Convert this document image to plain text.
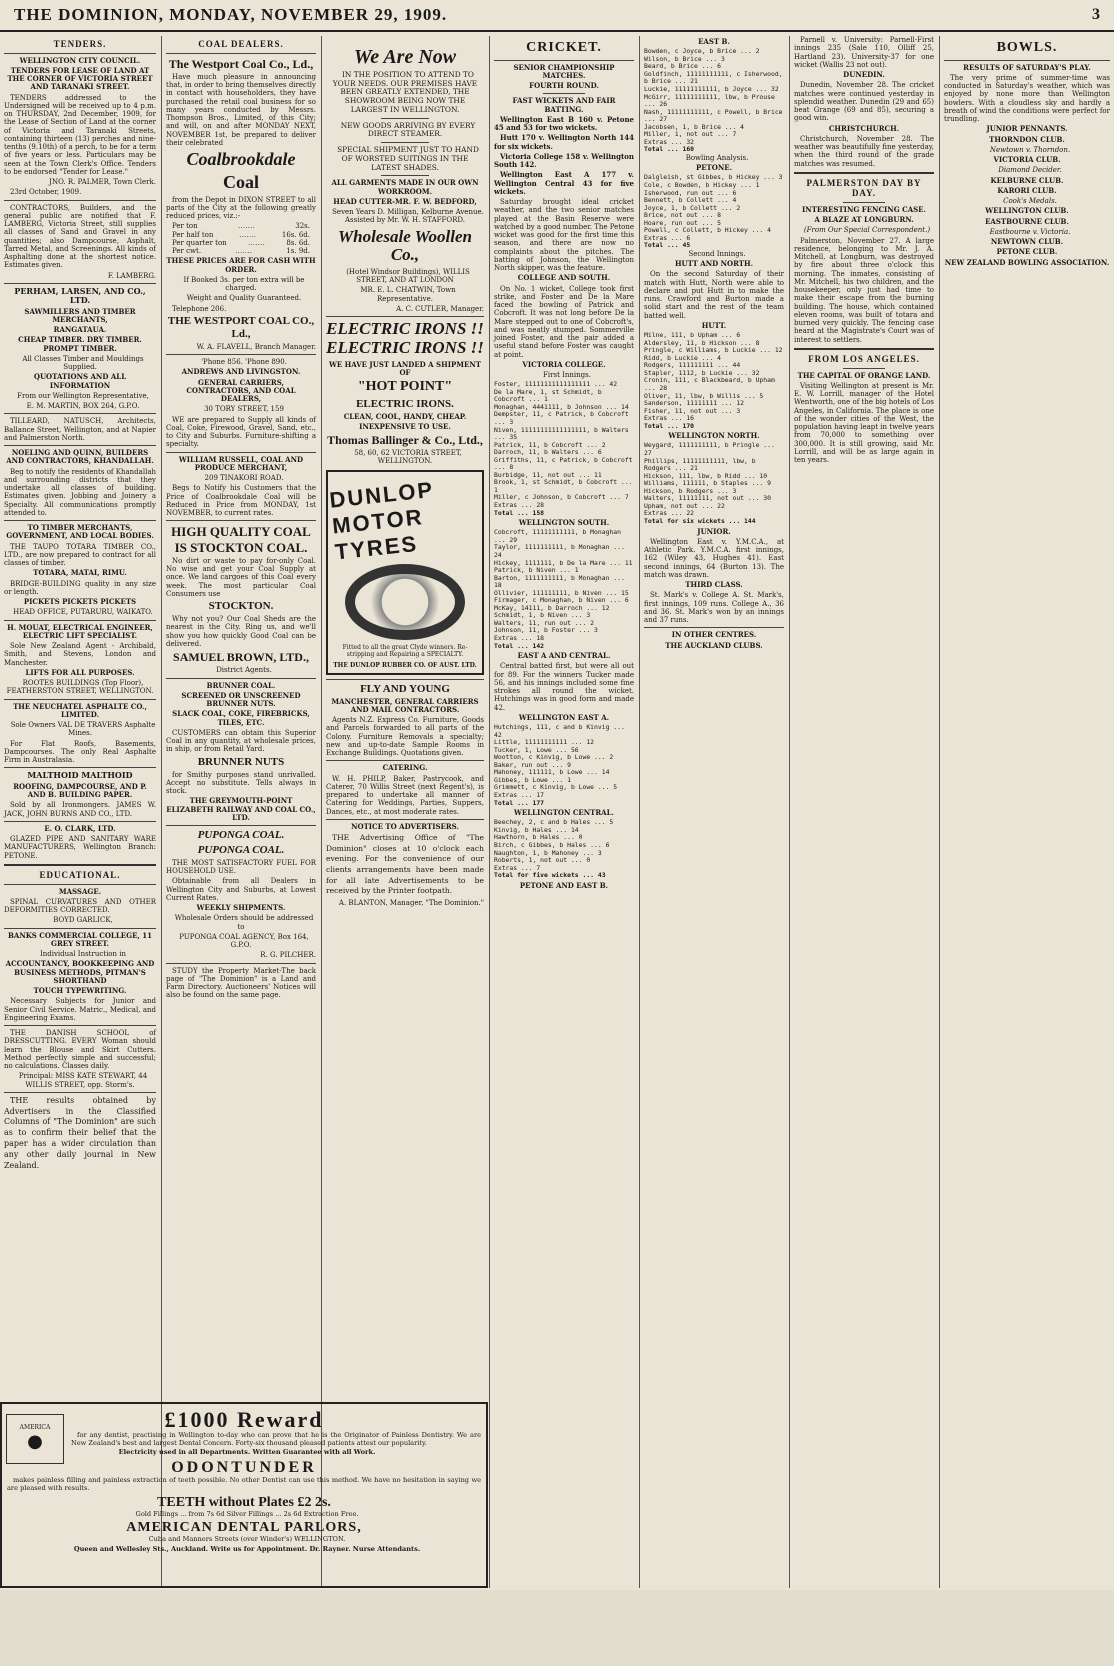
THE DOMINION, MONDAY, NOVEMBER 29, 1909.	3
TENDERS.
WELLINGTON CITY COUNCIL.
TENDERS FOR LEASE OF LAND AT THE CORNER OF VICTORIA STREET AND TARANAKI STREET.

TENDERS addressed to the Undersigned will be received up to 4 p.m. on THURSDAY, 2nd December, 1909, for the Lease of Section of Land at the corner of Victoria and Taranaki Streets, containing thirteen (13) perches and nine-tenths (9.10th) of a perch, to be for a term of five years or less. Particulars may be seen at the Town Clerk's Office. Tenders to be endorsed "Tender for Lease."

JNO. R. PALMER, Town Clerk.

23rd October, 1909.

CONTRACTORS, Builders, and the general public are notified that F. LAMBERG, Victoria Street, still supplies all classes of Sand and Gravel in any quantities; also Dampcourse, Asphalt, Tarred Metal, and Screenings. All kinds of Asphalting done at the shortest notice. Estimates given.

F. LAMBERG.

PERHAM, LARSEN, AND CO., LTD.
SAWMILLERS AND TIMBER MERCHANTS,
RANGATAUA.
CHEAP TIMBER. DRY TIMBER. PROMPT TIMBER.

All Classes Timber and Mouldings Supplied.

QUOTATIONS AND ALL INFORMATION

From our Wellington Representative,

E. M. MARTIN, BOX 264, G.P.O.

TILLEARD, NATUSCH, Architects, Ballance Street, Wellington, and at Napier and Palmerston North.

NOELING AND QUINN, BUILDERS AND CONTRACTORS, KHANDALLAH.

Beg to notify the residents of Khandallah and surrounding districts that they undertake all classes of building. Estimates given. Jobbing and Joinery a Specialty. All communications promptly attended to.

TO TIMBER MERCHANTS, GOVERNMENT, AND LOCAL BODIES.

THE TAUPO TOTARA TIMBER CO., LTD., are now prepared to contract for all classes of timber.

TOTARA, MATAI, RIMU.

BRIDGE-BUILDING quality in any size or length.

PICKETS PICKETS PICKETS

HEAD OFFICE, PUTARURU, WAIKATO.

H. MOUAT, ELECTRICAL ENGINEER, ELECTRIC LIFT SPECIALIST.

Sole New Zealand Agent - Archibald, Smith, and Stevens, London and Manchester.

LIFTS FOR ALL PURPOSES.

ROOTES BUILDINGS (Top Floor), FEATHERSTON STREET, WELLINGTON.

THE NEUCHATEL ASPHALTE CO., LIMITED.

Sole Owners VAL DE TRAVERS Asphalte Mines.

For Flat Roofs, Basements, Dampcourses. The only Real Asphalte Firm in Australasia.

MALTHOID MALTHOID
ROOFING, DAMPCOURSE, AND P. AND B. BUILDING PAPER.

Sold by all Ironmongers. JAMES W. JACK, JOHN BURNS AND CO., LTD.

E. O. CLARK, LTD.

GLAZED PIPE AND SANITARY WARE MANUFACTURERS, Wellington Branch: PETONE.

EDUCATIONAL.
MASSAGE.

SPINAL CURVATURES AND OTHER DEFORMITIES CORRECTED.

BOYD GARLICK,

BANKS COMMERCIAL COLLEGE, 11 GREY STREET.

Individual Instruction in

ACCOUNTANCY, BOOKKEEPING AND BUSINESS METHODS, PITMAN'S SHORTHAND
TOUCH TYPEWRITING.

Necessary Subjects for Junior and Senior Civil Service. Matric., Medical, and Engineering Exams.

THE DANISH SCHOOL of DRESSCUTTING. EVERY Woman should learn the Blouse and Skirt Cutters. Method perfectly simple and successful; no calculations. Classes daily.

Principal: MISS KATE STEWART, 44 WILLIS STREET, opp. Storm's.

THE results obtained by Advertisers in the Classified Columns of "The Dominion" are such as to confirm their belief that the paper has a wider circulation than any other daily journal in New Zealand.

COAL DEALERS.
The Westport Coal Co., Ld.,

Have much pleasure in announcing that, in order to bring themselves directly in contact with householders, they have purchased the retail coal business for so many years conducted by Messrs. Thompson Bros., Limited, of this City; and will, on and after MONDAY NEXT, NOVEMBER 1st, be prepared to deliver their celebrated

Coalbrookdale
Coal

from the Depot in DIXON STREET to all parts of the City at the following greatly reduced prices, viz.:-

Per ton	.......	32s.
Per half ton	.......	16s. 6d.
Per quarter ton	.......	8s. 6d.
Per cwt.	.......	1s. 9d.
THESE PRICES ARE FOR CASH WITH ORDER.

If Booked 3s. per ton extra will be charged.

Weight and Quality Guaranteed.

Telephone 206.

THE WESTPORT COAL CO., Ld.,

W. A. FLAVELL, Branch Manager.

'Phone 856. 'Phone 890.

ANDREWS AND LIVINGSTON.
GENERAL CARRIERS, CONTRACTORS, AND COAL DEALERS,

30 TORY STREET, 159

WE are prepared to Supply all kinds of Coal, Coke, Firewood, Gravel, Sand, etc., to City and Suburbs. Furniture-shifting a specialty.

WILLIAM RUSSELL, COAL AND PRODUCE MERCHANT,

209 TINAKORI ROAD.

Begs to Notify his Customers that the Price of Coalbrookdale Coal will be Reduced in Price from MONDAY, 1st NOVEMBER, to current rates.

HIGH QUALITY COAL IS STOCKTON COAL.

No dirt or waste to pay for-only Coal. No wise and get your Coal Supply at once. We land cargoes of this Coal every week. The most particular Coal Consumers use

STOCKTON.

Why not you? Our Coal Sheds are the nearest in the City. Ring us, and we'll show you how quickly Good Coal can be delivered.

SAMUEL BROWN, LTD.,

District Agents.

BRUNNER COAL.
SCREENED OR UNSCREENED BRUNNER NUTS.
SLACK COAL, COKE, FIREBRICKS, TILES, ETC.

CUSTOMERS can obtain this Superior Coal in any quantity, at wholesale prices, in ship, or from Retail Yard.

BRUNNER NUTS

for Smithy purposes stand unrivalled. Accept no substitute. Tells always in stock.

THE GREYMOUTH-POINT ELIZABETH RAILWAY AND COAL CO., LTD.
PUPONGA COAL.
PUPONGA COAL.

THE MOST SATISFACTORY FUEL FOR HOUSEHOLD USE.

Obtainable from all Dealers in Wellington City and Suburbs, at Lowest Current Rates.

WEEKLY SHIPMENTS.

Wholesale Orders should be addressed to

PUPONGA COAL AGENCY, Box 164, G.P.O.

R. G. PILCHER.

STUDY the Property Market-The back page of "The Dominion" is a Land and Farm Directory. Auctioneers' Notices will also be found on the same page.

We Are Now

IN THE POSITION TO ATTEND TO YOUR NEEDS. OUR PREMISES HAVE BEEN GREATLY EXTENDED, THE SHOWROOM BEING NOW THE LARGEST IN WELLINGTON.

NEW GOODS ARRIVING BY EVERY DIRECT STEAMER.

SPECIAL SHIPMENT JUST TO HAND OF WORSTED SUITINGS IN THE LATEST SHADES.

ALL GARMENTS MADE IN OUR OWN WORKROOM.
HEAD CUTTER-MR. F. W. BEDFORD,

Seven Years D. Milligan, Kelburne Avenue. Assisted by Mr. W. H. STAFFORD.

Wholesale Woollen Co.,

(Hotel Windsor Buildings), WILLIS STREET, AND AT LONDON

MR. E. L. CHATWIN, Town Representative.

A. C. CUTLER, Manager.

ELECTRIC IRONS !! ELECTRIC IRONS !!
WE HAVE JUST LANDED A SHIPMENT OF
"HOT POINT"
ELECTRIC IRONS.
CLEAN, COOL, HANDY, CHEAP.
INEXPENSIVE TO USE.
Thomas Ballinger & Co., Ltd.,

58, 60, 62 VICTORIA STREET, WELLINGTON.

DUNLOP MOTOR TYRES
Fitted to all the great Clyde winners. Re-stripping and Repairing a SPECIALTY.
THE DUNLOP RUBBER CO. OF AUST. LTD.
FLY AND YOUNG
MANCHESTER, GENERAL CARRIERS AND MAIL CONTRACTORS.

Agents N.Z. Express Co. Furniture, Goods and Parcels forwarded to all parts of the Colony. Furniture Removals a specialty; new and up-to-date Sample Rooms in Exchange Buildings. Quotations given.

CATERING.

W. H. PHILP, Baker, Pastrycook, and Caterer, 70 Willis Street (next Regent's), is prepared to undertake all manner of Catering for Weddings, Parties, Suppers, Dances, etc., at most moderate rates.

NOTICE TO ADVERTISERS.

THE Advertising Office of "The Dominion" closes at 10 o'clock each evening. For the convenience of our clients arrangements have been made for all late Advertisements to be received by the Printer footpath.

A. BLANTON, Manager, "The Dominion."

AMERICA
●
£1000 Reward

for any dentist, practising in Wellington to-day who can prove that he is the Originator of Painless Dentistry. We are New Zealand's best and largest Dental Concern. Forty-six thousand pleased patients attest our popularity.

Electricity used in all Departments. Written Guarantee with all Work.

ODONTUNDER

makes painless filling and painless extraction of teeth possible. No other Dentist can use this method. We have no hesitation in saying we are pleased with results.

TEETH without Plates £2 2s.

Gold Fillings ... from 7s 6d Silver Fillings ... 2s 6d Extraction Free.

AMERICAN DENTAL PARLORS,

Cuba and Manners Streets (over Winder's) WELLINGTON.

Queen and Wellesley Sts., Auckland. Write us for Appointment. Dr. Rayner. Nurse Attendants.

CRICKET.
SENIOR CHAMPIONSHIP MATCHES.
FOURTH ROUND.
FAST WICKETS AND FAIR BATTING.

Wellington East B 160 v. Petone 45 and 53 for two wickets.

Hutt 170 v. Wellington North 144 for six wickets.

Victoria College 158 v. Wellington South 142.

Wellington East A 177 v. Wellington Central 43 for five wickets.

Saturday brought ideal cricket weather, and the two senior matches played at the Basin Reserve were watched by a good number. The Petone wicket was good for the first time this season, and there are now no complaints about the pitches. The batting of Johnson, the Wellington North skipper, was the feature.

COLLEGE AND SOUTH.

On No. 1 wicket, College took first strike, and Foster and De la Mare faced the bowling of Patrick and Cobcroft. It was not long before De la Mare stepped out to one of Cobcroft's, and was neatly stumped. Sommerville joined Foster, and the pair added a useful stand before Foster was caught at point.

VICTORIA COLLEGE.

First Innings.

Foster, 11111111111111111 ... 42
De la Mare, 1, st Schmidt, b Cobcroft ... 1
Monaghan, 4441111, b Johnson ... 14
Dempster, 11, c Patrick, b Cobcroft ... 3
Niven, 11111111111111111, b Walters ... 35
Patrick, 11, b Cobcroft ... 2
Darroch, 11, b Walters ... 6
Griffiths, 11, c Patrick, b Cobcroft ... 8
Burbidge, 11, not out ... 11
Brook, 1, st Schmidt, b Cobcroft ... 1
Miller, c Johnson, b Cobcroft ... 7
Extras ... 28
Total ... 158
WELLINGTON SOUTH.
Cobcroft, 11111111111, b Monaghan ... 29
Taylor, 1111111111, b Monaghan ... 24
Hickey, 1111111, b De la Mare ... 11
Patrick, b Niven ... 1
Barton, 1111111111, b Monaghan ... 18
Ollivier, 111111111, b Niven ... 15
Firmager, c Monaghan, b Niven ... 6
McKay, 14111, b Darroch ... 12
Schmidt, 1, b Niven ... 3
Walters, 11, run out ... 2
Johnson, 11, b Foster ... 3
Extras ... 18
Total ... 142
EAST A AND CENTRAL.

Central batted first, but were all out for 89. For the winners Tucker made 56, and his innings included some fine strokes all round the wicket. Hutchings was in good form and made 42.

WELLINGTON EAST A.
Hutchings, 111, c and b Kinvig ... 42
Little, 11111111111 ... 12
Tucker, 1, Lowe ... 56
Wootton, c Kinvig, b Lowe ... 2
Baker, run out ... 9
Mahoney, 111111, b Lowe ... 14
Gibbes, b Lowe ... 1
Grimmett, c Kinvig, b Lowe ... 5
Extras ... 17
Total ... 177
WELLINGTON CENTRAL.
Beechey, 2, c and b Hales ... 5
Kinvig, b Hales ... 14
Hawthorn, b Hales ... 0
Birch, c Gibbes, b Hales ... 6
Naughton, 1, b Mahoney ... 3
Roberts, 1, not out ... 0
Extras ... 7
Total for five wickets ... 43
PETONE AND EAST B.
EAST B.
Bowden, c Joyce, b Brice ... 2
Wilson, b Brice ... 3
Beard, b Brice ... 6
Goldfinch, 11111111111, c Isherwood, b Brice ... 21
Luckie, 11111111111, b Joyce ... 32
McGirr, 11111111111, lbw, b Prouse ... 26
Nash, 11111111111, c Powell, b Brice ... 27
Jacobsen, 1, b Brice ... 4
Miller, 1, not out ... 7
Extras ... 32
Total ... 160

Bowling Analysis.

PETONE.
Dalgleish, st Gibbes, b Hickey ... 3
Cole, c Bowden, b Hickey ... 1
Isherwood, run out ... 6
Bennett, b Collett ... 4
Joyce, 1, b Collett ... 2
Brice, not out ... 8
Hoare, run out ... 5
Powell, c Collett, b Hickey ... 4
Extras ... 6
Total ... 45

Second Innings.

HUTT AND NORTH.

On the second Saturday of their match with Hutt, North were able to declare and put Hutt in to make the runs. Crawford and Burton made a solid start and the rest of the team batted well.

HUTT.
Milne, 111, b Upham ... 6
Aldersley, 11, b Hickson ... 8
Pringle, c Williams, b Luckie ... 12
Ridd, b Luckie ... 4
Rodgers, 111111111 ... 44
Stapler, 1112, b Luckie ... 32
Cronin, 111, c Blackbeard, b Upham ... 28
Oliver, 11, lbw, b Willis ... 5
Sanderson, 11111111 ... 12
Fisher, 11, not out ... 3
Extras ... 16
Total ... 170
WELLINGTON NORTH.
Weygard, 1111111111, b Pringle ... 27
Phillips, 11111111111, lbw, b Rodgers ... 21
Hickson, 111, lbw, b Ridd ... 10
Williams, 111111, b Staples ... 9
Hickson, b Rodgers ... 3
Walters, 11111111, not out ... 30
Upham, not out ... 22
Extras ... 22
Total for six wickets ... 144
JUNIOR.

Wellington East v. Y.M.C.A., at Athletic Park. Y.M.C.A. first innings, 162 (Wiley 43, Hughes 41). East second innings, 64 (Burton 13). The match was drawn.

THIRD CLASS.

St. Mark's v. College A. St. Mark's, first innings, 109 runs. College A., 36 and 36. St. Mark's won by an innings and 37 runs.

IN OTHER CENTRES.
THE AUCKLAND CLUBS.

Parnell v. University: Parnell-First innings 235 (Sale 110, Olliff 25, Hartland 23). University-37 for one wicket (Wallis 23 not out).

DUNEDIN.

Dunedin, November 28. The cricket matches were continued yesterday in splendid weather. Dunedin (29 and 65) beat Grange (69 and 85), securing a good win.

CHRISTCHURCH.

Christchurch, November 28. The weather was beautifully fine yesterday, when the third round of the grade matches was resumed.

PALMERSTON DAY BY DAY.
INTERESTING FENCING CASE.
A BLAZE AT LONGBURN.

(From Our Special Correspondent.)

Palmerston, November 27. A large residence, belonging to Mr. J. A. Mitchell, at Longburn, was destroyed by fire about three o'clock this morning. The inmates, consisting of Mr. Mitchell, his two children, and the housekeeper, only just had time to make their escape from the burning building. The house, which contained eleven rooms, was built of totara and burned very quickly. The fencing case heard at the Magistrate's Court was of interest to settlers.

FROM LOS ANGELES.
THE CAPITAL OF ORANGE LAND.

Visiting Wellington at present is Mr. E. W. Lorrill, manager of the Hotel Wentworth, one of the big hotels of Los Angeles, in California. The place is one of the wonder cities of the West, the population having leapt in twelve years from 70,000 to something over 300,000. It is still growing, said Mr. Lorrill, and will be as large again in ten years.

BOWLS.
RESULTS OF SATURDAY'S PLAY.

The very prime of summer-time was conducted in Saturday's weather, which was enjoyed by none more than Wellington bowlers. With a cloudless sky and hardly a breath of wind the conditions were perfect for trundling.

JUNIOR PENNANTS.
THORNDON CLUB.

Newtown v. Thorndon.

VICTORIA CLUB.

Diamond Decider.

KELBURNE CLUB.
KARORI CLUB.

Cook's Medals.

WELLINGTON CLUB.
EASTBOURNE CLUB.

Eastbourne v. Victoria.

NEWTOWN CLUB.
PETONE CLUB.
NEW ZEALAND BOWLING ASSOCIATION.
